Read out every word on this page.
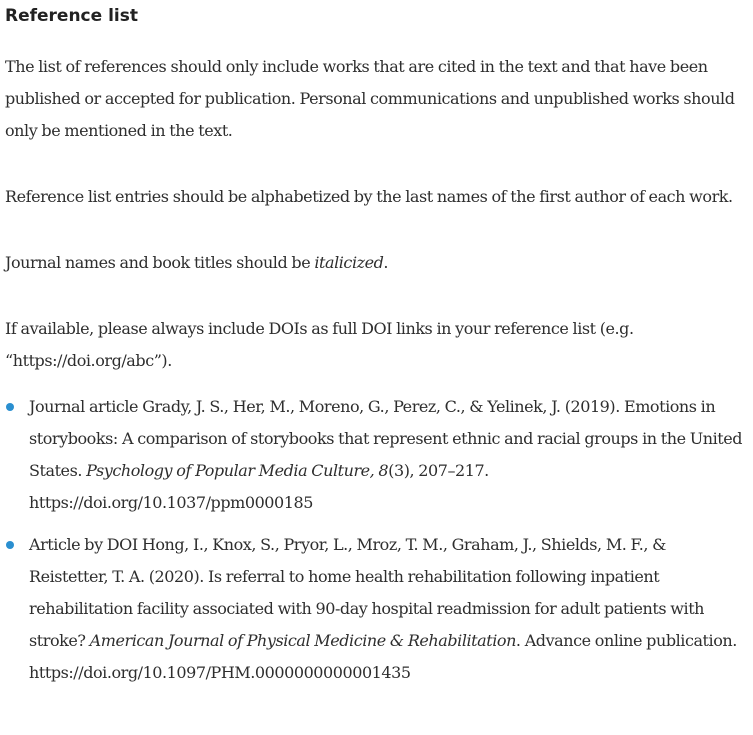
Reference list

The list of references should only include works that are cited in the text and that have been published or accepted for publication. Personal communications and unpublished works should only be mentioned in the text.

Reference list entries should be alphabetized by the last names of the first author of each work.

Journal names and book titles should be italicized.

If available, please always include DOIs as full DOI links in your reference list (e.g. “https://doi.org/abc”).

Journal article Grady, J. S., Her, M., Moreno, G., Perez, C., & Yelinek, J. (2019). Emotions in storybooks: A comparison of storybooks that represent ethnic and racial groups in the United States. Psychology of Popular Media Culture, 8(3), 207–217. https://doi.org/10.1037/ppm0000185
Article by DOI Hong, I., Knox, S., Pryor, L., Mroz, T. M., Graham, J., Shields, M. F., & Reistetter, T. A. (2020). Is referral to home health rehabilitation following inpatient rehabilitation facility associated with 90-day hospital readmission for adult patients with stroke? American Journal of Physical Medicine & Rehabilitation. Advance online publication. https://doi.org/10.1097/PHM.0000000000001435
